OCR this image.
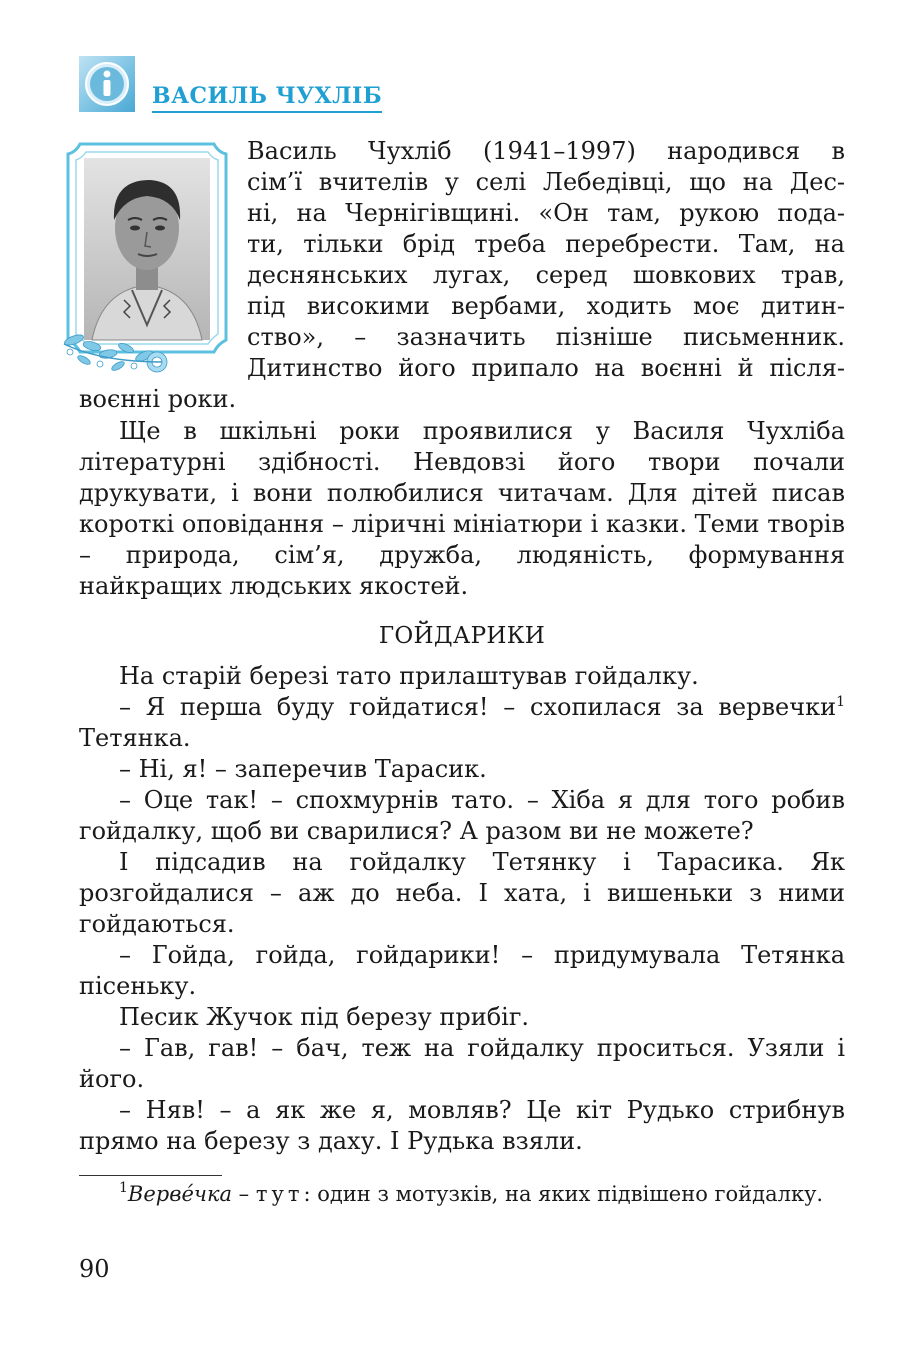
ВАСИЛЬ ЧУХЛІБ
Василь Чухліб (1941–1997) народився в
сім’ї вчителів у селі Лебедівці, що на Дес-
ні, на Чернігівщині. «Он там, рукою пода-
ти, тільки брід треба перебрести. Там, на
деснянських лугах, серед шовкових трав,
під високими вербами, ходить моє дитин-
ство», – зазначить пізніше письменник.
Дитинство його припало на воєнні й після-
воєнні роки.

Ще в шкільні роки проявилися у Василя Чухліба літературні здібності. Невдовзі його твори почали друкувати, і вони полюбилися читачам. Для дітей писав короткі оповідання – ліричні мініатюри і казки. Теми творів – природа, сім’я, дружба, людяність, формування найкращих людських якостей.

ГОЙДАРИКИ

На старій березі тато прилаштував гойдалку.

– Я перша буду гойдатися! – схопилася за вервечки$^1$ Тетянка.

– Ні, я! – заперечив Тарасик.

– Оце так! – спохмурнів тато. – Хіба я для того робив гойдалку, щоб ви сварилися? А разом ви не можете?

І підсадив на гойдалку Тетянку і Тарасика. Як розгойдалися – аж до неба. І хата, і вишеньки з ними гойдаються.

– Гойда, гойда, гойдарики! – придумувала Тетянка пісеньку.

Песик Жучок під березу прибіг.

– Гав, гав! – бач, теж на гойдалку проситься. Узяли і його.

– Няв! – а як же я, мовляв? Це кіт Рудько стрибнув прямо на березу з даху. І Рудька взяли.

$^1$Вервéчка – тут: один з мотузків, на яких підвішено гойдалку.

90
